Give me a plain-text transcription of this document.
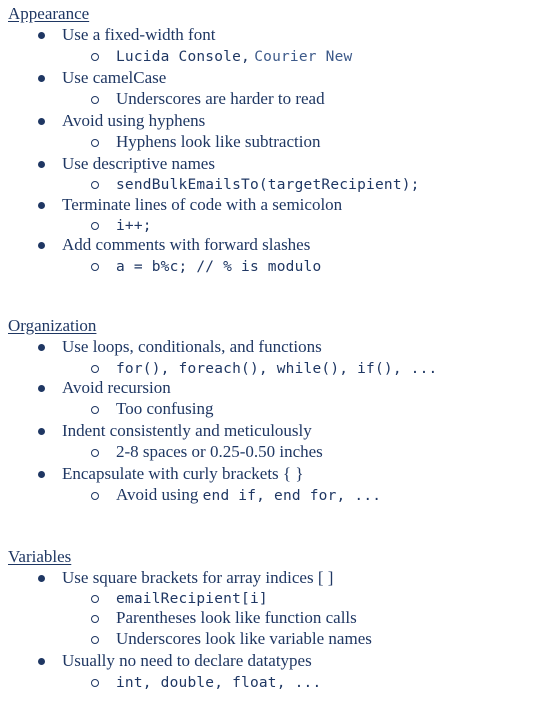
Appearance
Use a fixed-width font
Lucida Console, Courier New
Use camelCase
Underscores are harder to read
Avoid using hyphens
Hyphens look like subtraction
Use descriptive names
sendBulkEmailsTo(targetRecipient);
Terminate lines of code with a semicolon
i++;
Add comments with forward slashes
a = b%c; // % is modulo
Organization
Use loops, conditionals, and functions
for(), foreach(), while(), if(), ...
Avoid recursion
Too confusing
Indent consistently and meticulously
2-8 spaces or 0.25-0.50 inches
Encapsulate with curly brackets { }
Avoid using end if, end for, ...
Variables
Use square brackets for array indices [ ]
emailRecipient[i]
Parentheses look like function calls
Underscores look like variable names
Usually no need to declare datatypes
int, double, float, ...
